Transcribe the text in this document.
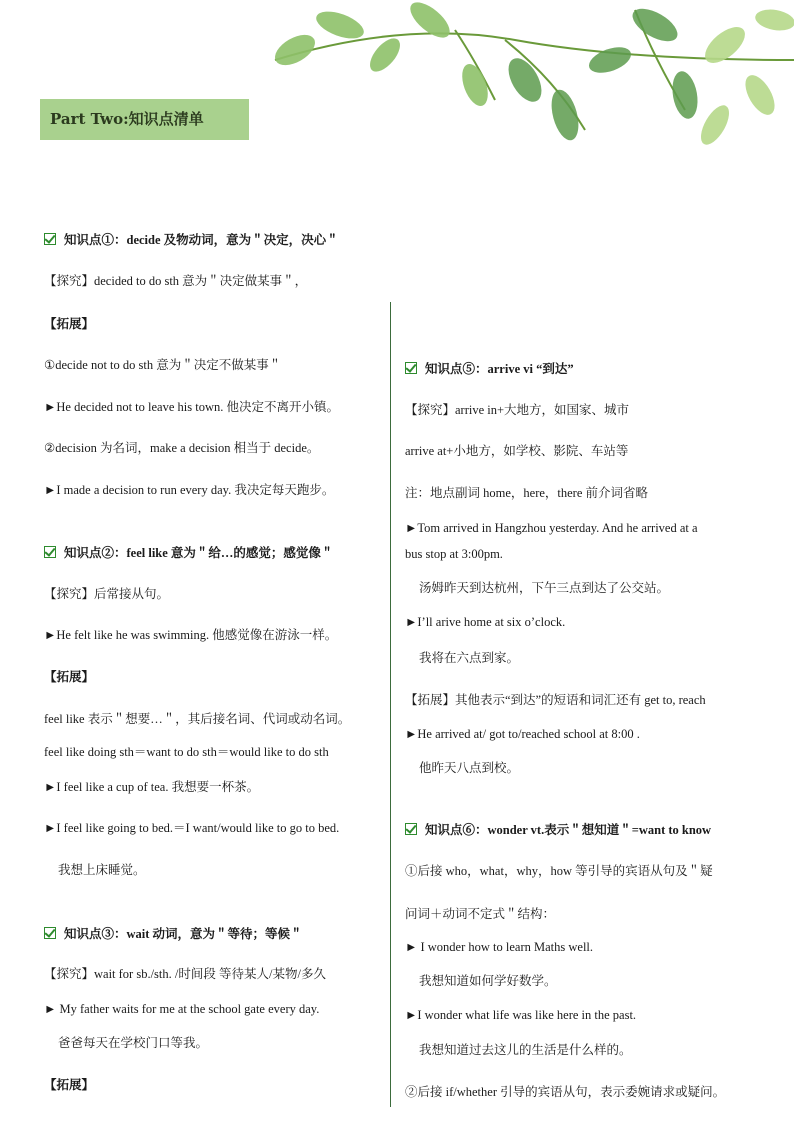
Part Two:知识点清单
知识点①：decide 及物动词，意为＂决定，决心＂
【探究】decided to do sth 意为＂决定做某事＂，
【拓展】
①decide not to do sth 意为＂决定不做某事＂
►He decided not to leave his town. 他决定不离开小镇。
②decision 为名词，make a decision 相当于 decide。
►I made a decision to run every day. 我决定每天跑步。
知识点②：feel like 意为＂给…的感觉；感觉像＂
【探究】后常接从句。
►He felt like he was swimming. 他感觉像在游泳一样。
【拓展】
feel like 表示＂想要…＂，其后接名词、代词或动名词。
feel like doing sth＝want to do sth＝would like to do sth
►I feel like a cup of tea. 我想要一杯茶。
►I feel like going to bed.＝I want/would like to go to bed.
我想上床睡觉。
知识点③：wait 动词，意为＂等待；等候＂
【探究】wait for sb./sth. /时间段 等待某人/某物/多久
► My father waits for me at the school gate every day.
爸爸每天在学校门口等我。
【拓展】
知识点⑤：arrive vi “到达”
【探究】arrive in+大地方，如国家、城市
arrive at+小地方，如学校、影院、车站等
注：地点副词 home，here，there 前介词省略
►Tom arrived in Hangzhou yesterday. And he arrived at a
bus stop at 3:00pm.
汤姆昨天到达杭州，下午三点到达了公交站。
►I’ll arive home at six o’clock.
我将在六点到家。
【拓展】其他表示“到达”的短语和词汇还有 get to, reach
►He arrived at/ got to/reached school at 8:00 .
他昨天八点到校。
知识点⑥：wonder vt.表示＂想知道＂=want to know
①后接 who，what，why，how 等引导的宾语从句及＂疑
问词＋动词不定式＂结构：
► I wonder how to learn Maths well.
我想知道如何学好数学。
►I wonder what life was like here in the past.
我想知道过去这儿的生活是什么样的。
②后接 if/whether 引导的宾语从句，表示委婉请求或疑问。
